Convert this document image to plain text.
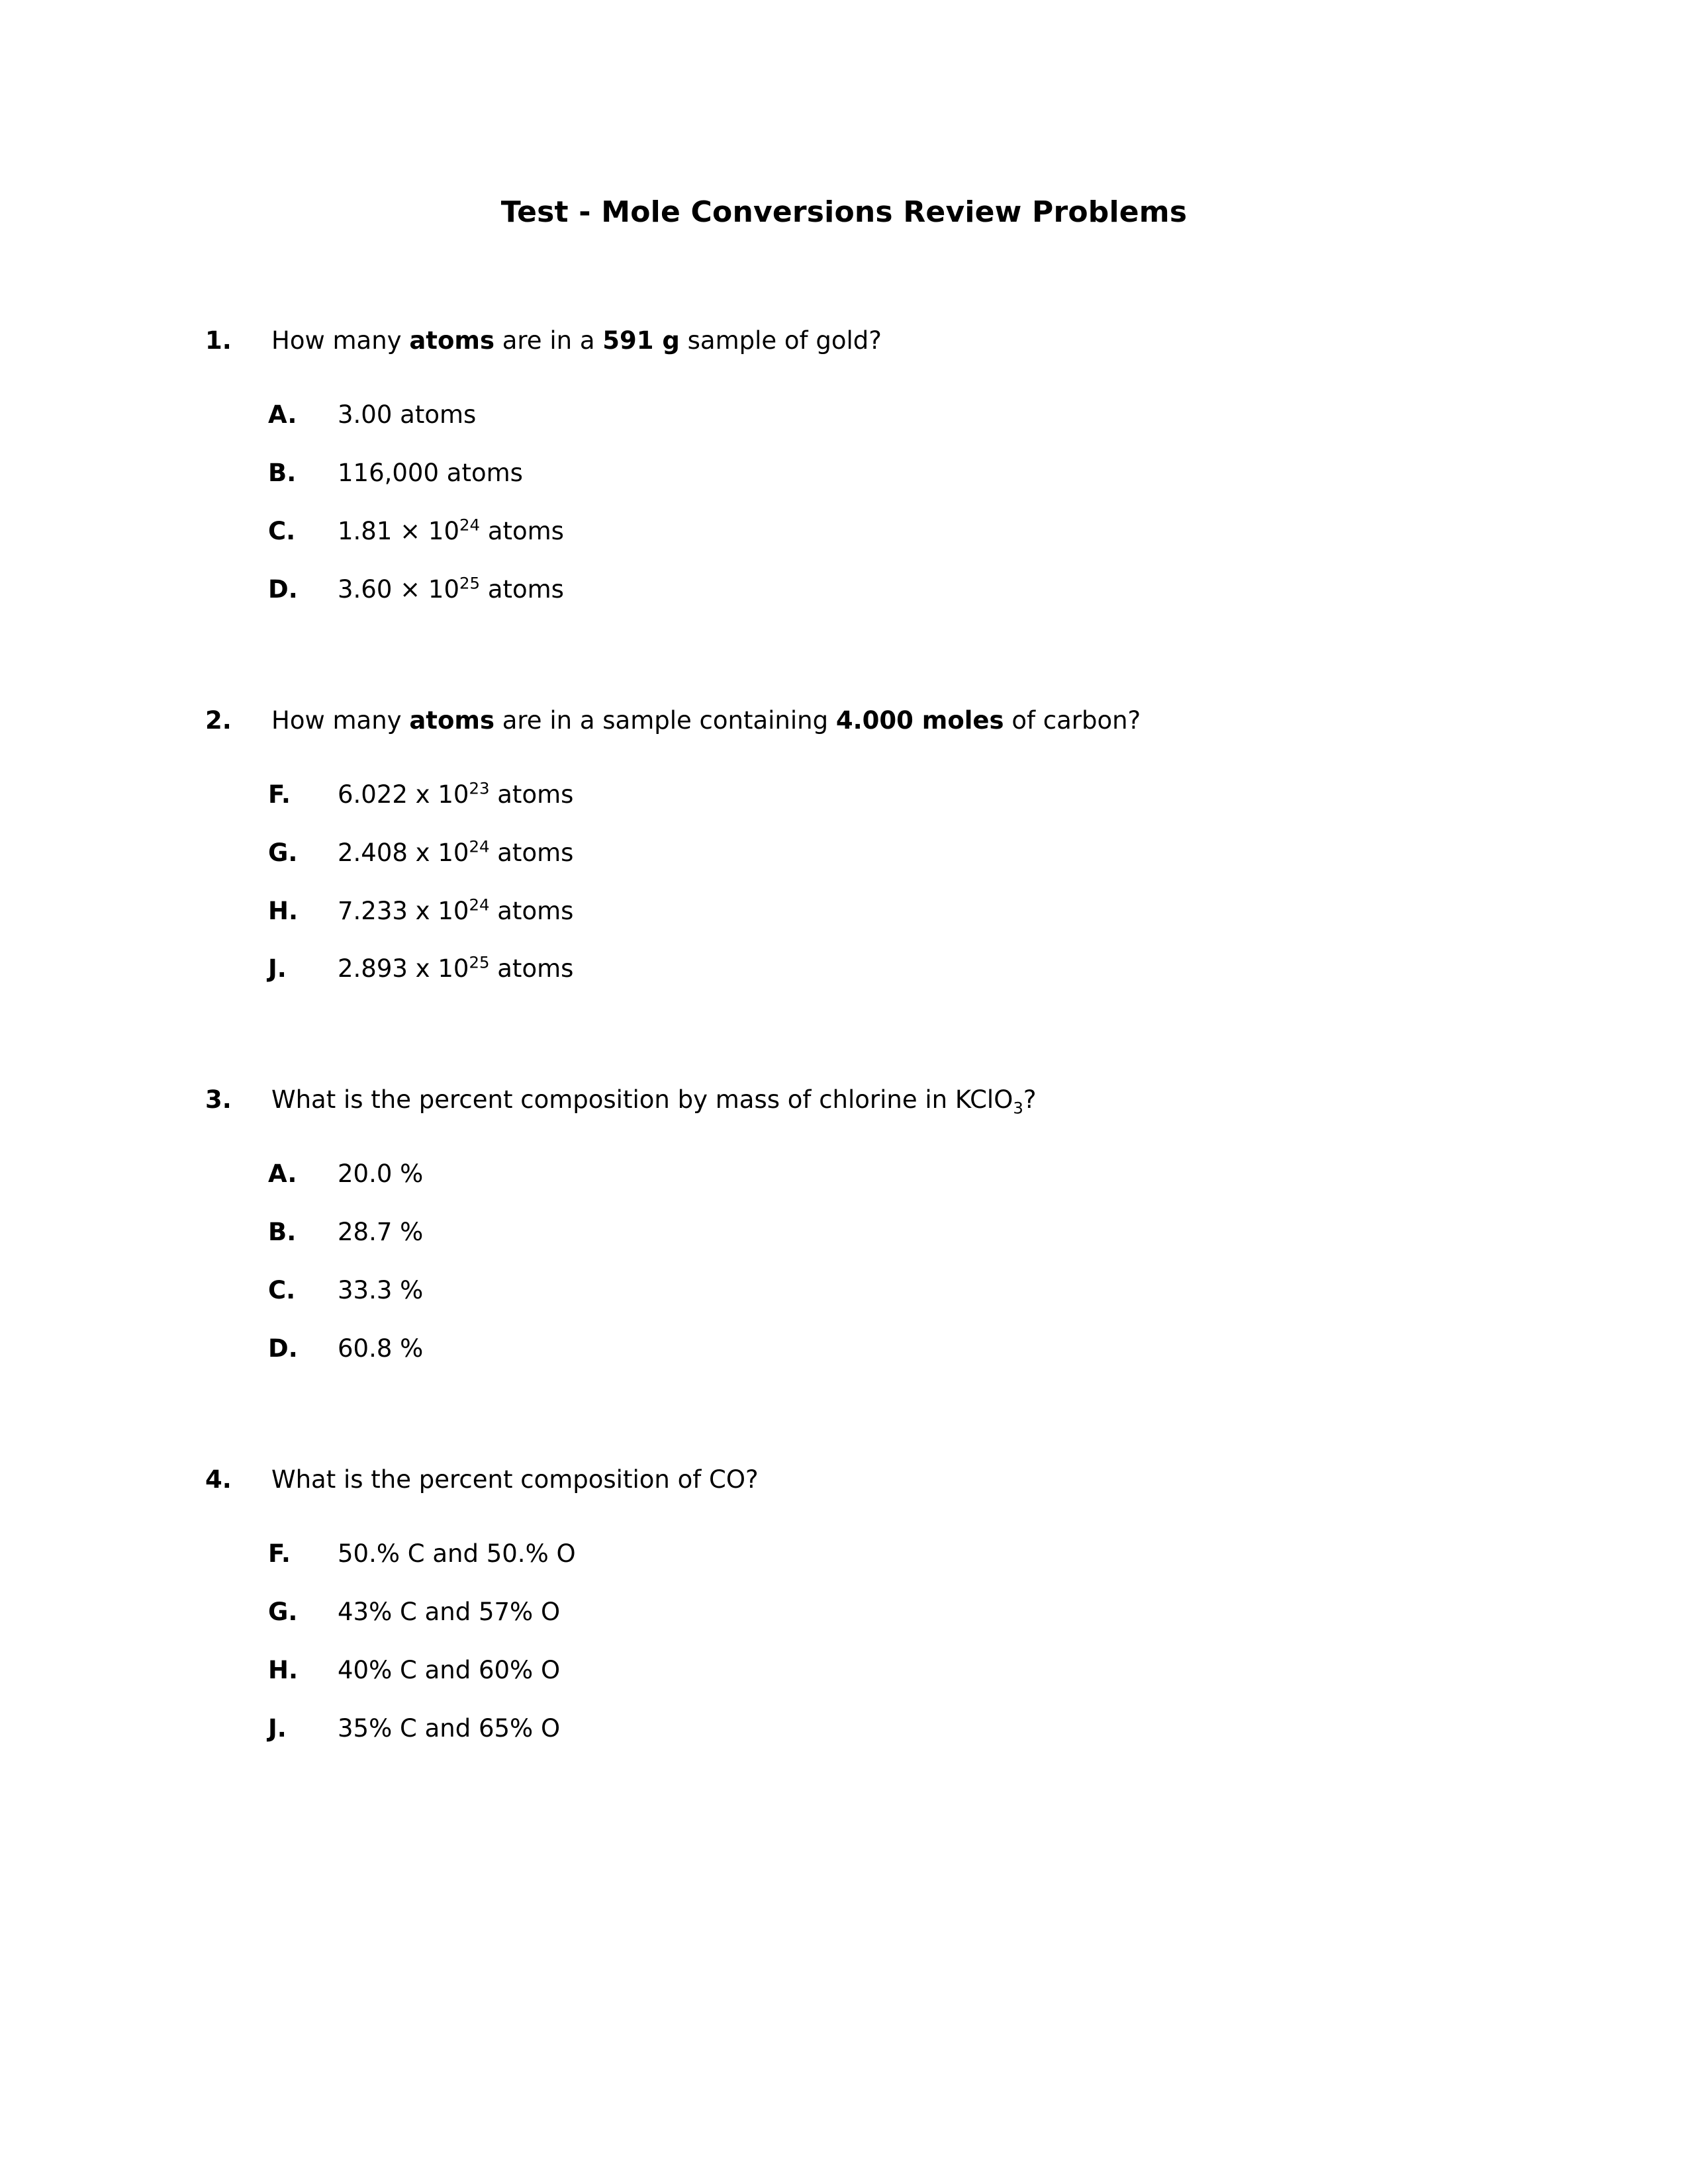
Test - Mole Conversions Review Problems
1.	How many atoms are in a 591 g sample of gold?
A.	3.00 atoms
B.	116,000 atoms
C.	$1.81 \times 10^{24}$ atoms
D.	$3.60 \times 10^{25}$ atoms
2.	How many atoms are in a sample containing 4.000 moles of carbon?
F.	6.022 x $10^{23}$ atoms
G.	2.408 x $10^{24}$ atoms
H.	7.233 x $10^{24}$ atoms
J.	2.893 x $10^{25}$ atoms
3.	What is the percent composition by mass of chlorine in KClO$_3$?
A.	20.0 %
B.	28.7 %
C.	33.3 %
D.	60.8 %
4.	What is the percent composition of CO?
F.	50.% C and 50.% O
G.	43% C and 57% O
H.	40% C and 60% O
J.	35% C and 65% O
